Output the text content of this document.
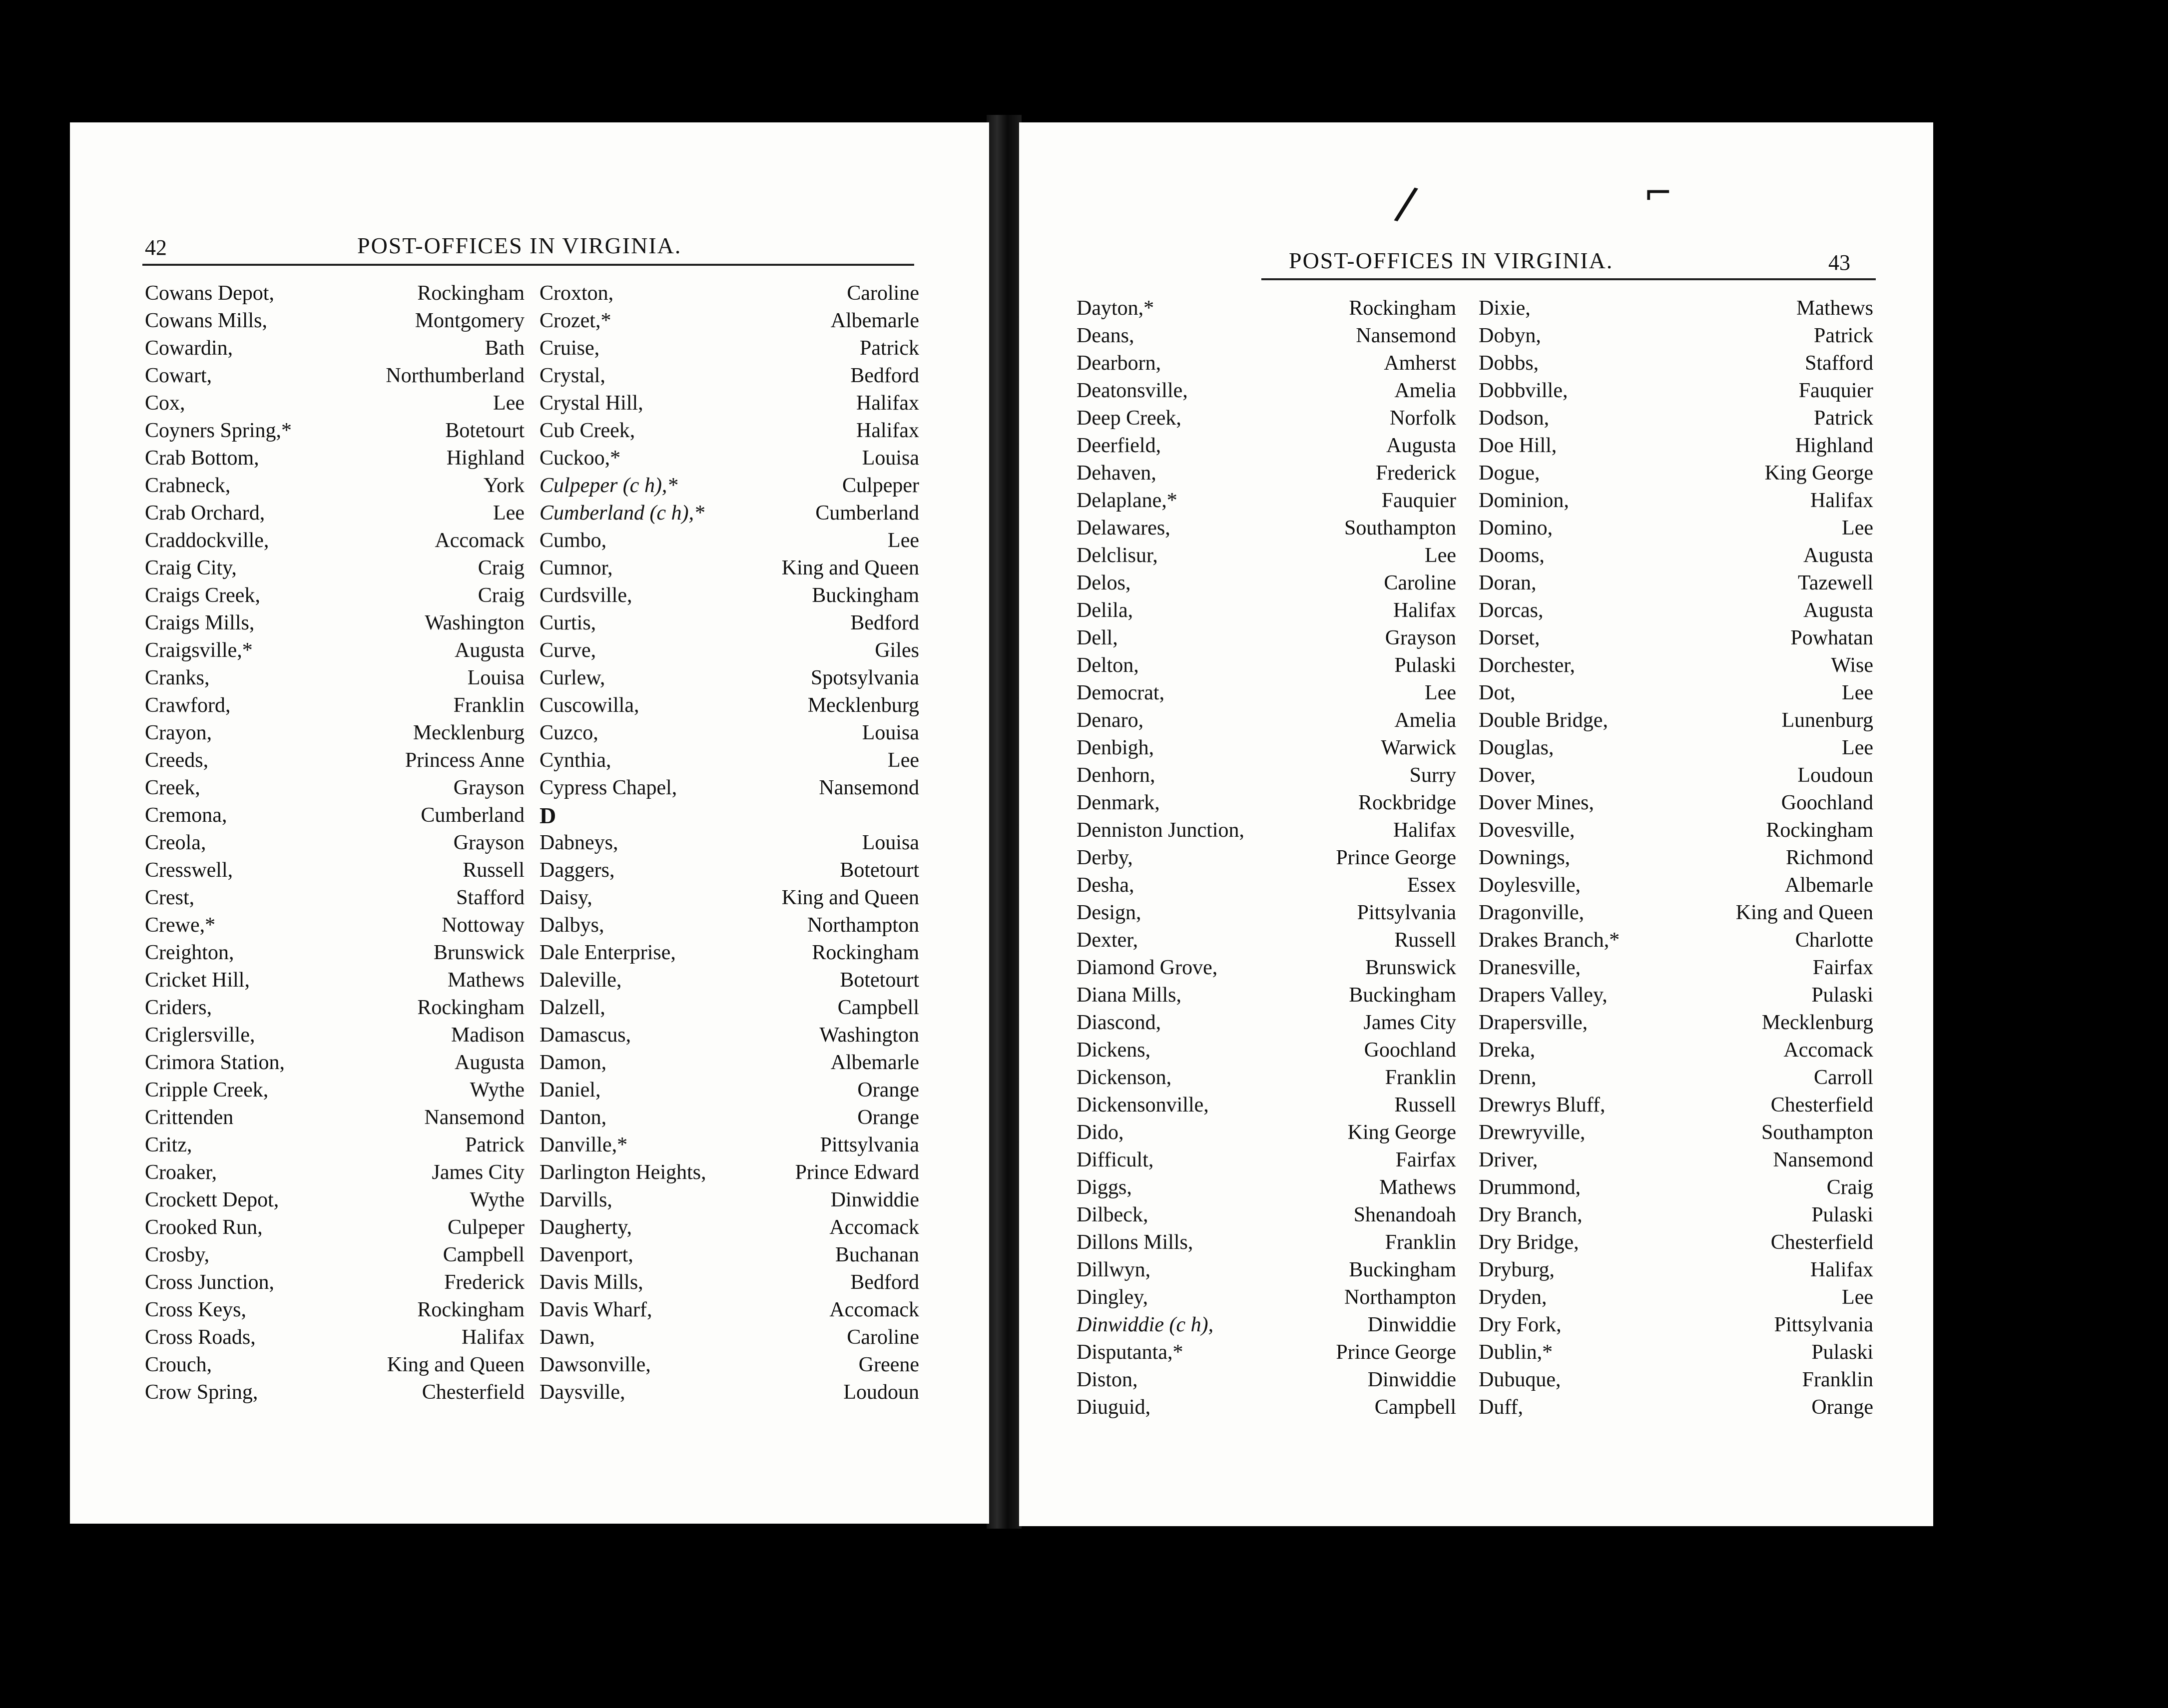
42	POST-OFFICES IN VIRGINIA.
Cowans Depot,	Rockingham
Cowans Mills,	Montgomery
Cowardin,	Bath
Cowart,	Northumberland
Cox,	Lee
Coyners Spring,*	Botetourt
Crab Bottom,	Highland
Crabneck,	York
Crab Orchard,	Lee
Craddockville,	Accomack
Craig City,	Craig
Craigs Creek,	Craig
Craigs Mills,	Washington
Craigsville,*	Augusta
Cranks,	Louisa
Crawford,	Franklin
Crayon,	Mecklenburg
Creeds,	Princess Anne
Creek,	Grayson
Cremona,	Cumberland
Creola,	Grayson
Cresswell,	Russell
Crest,	Stafford
Crewe,*	Nottoway
Creighton,	Brunswick
Cricket Hill,	Mathews
Criders,	Rockingham
Criglersville,	Madison
Crimora Station,	Augusta
Cripple Creek,	Wythe
Crittenden	Nansemond
Critz,	Patrick
Croaker,	James City
Crockett Depot,	Wythe
Crooked Run,	Culpeper
Crosby,	Campbell
Cross Junction,	Frederick
Cross Keys,	Rockingham
Cross Roads,	Halifax
Crouch,	King and Queen
Crow Spring,	Chesterfield
Croxton,	Caroline
Crozet,*	Albemarle
Cruise,	Patrick
Crystal,	Bedford
Crystal Hill,	Halifax
Cub Creek,	Halifax
Cuckoo,*	Louisa
Culpeper (c h),*	Culpeper
Cumberland (c h),*	Cumberland
Cumbo,	Lee
Cumnor,	King and Queen
Curdsville,	Buckingham
Curtis,	Bedford
Curve,	Giles
Curlew,	Spotsylvania
Cuscowilla,	Mecklenburg
Cuzco,	Louisa
Cynthia,	Lee
Cypress Chapel,	Nansemond
D
Dabneys,	Louisa
Daggers,	Botetourt
Daisy,	King and Queen
Dalbys,	Northampton
Dale Enterprise,	Rockingham
Daleville,	Botetourt
Dalzell,	Campbell
Damascus,	Washington
Damon,	Albemarle
Daniel,	Orange
Danton,	Orange
Danville,*	Pittsylvania
Darlington Heights,	Prince Edward
Darvills,	Dinwiddie
Daugherty,	Accomack
Davenport,	Buchanan
Davis Mills,	Bedford
Davis Wharf,	Accomack
Dawn,	Caroline
Dawsonville,	Greene
Daysville,	Loudoun
POST-OFFICES IN VIRGINIA.	43
Dayton,*	Rockingham
Deans,	Nansemond
Dearborn,	Amherst
Deatonsville,	Amelia
Deep Creek,	Norfolk
Deerfield,	Augusta
Dehaven,	Frederick
Delaplane,*	Fauquier
Delawares,	Southampton
Delclisur,	Lee
Delos,	Caroline
Delila,	Halifax
Dell,	Grayson
Delton,	Pulaski
Democrat,	Lee
Denaro,	Amelia
Denbigh,	Warwick
Denhorn,	Surry
Denmark,	Rockbridge
Denniston Junction,	Halifax
Derby,	Prince George
Desha,	Essex
Design,	Pittsylvania
Dexter,	Russell
Diamond Grove,	Brunswick
Diana Mills,	Buckingham
Diascond,	James City
Dickens,	Goochland
Dickenson,	Franklin
Dickensonville,	Russell
Dido,	King George
Difficult,	Fairfax
Diggs,	Mathews
Dilbeck,	Shenandoah
Dillons Mills,	Franklin
Dillwyn,	Buckingham
Dingley,	Northampton
Dinwiddie (c h),	Dinwiddie
Disputanta,*	Prince George
Diston,	Dinwiddie
Diuguid,	Campbell
Dixie,	Mathews
Dobyn,	Patrick
Dobbs,	Stafford
Dobbville,	Fauquier
Dodson,	Patrick
Doe Hill,	Highland
Dogue,	King George
Dominion,	Halifax
Domino,	Lee
Dooms,	Augusta
Doran,	Tazewell
Dorcas,	Augusta
Dorset,	Powhatan
Dorchester,	Wise
Dot,	Lee
Double Bridge,	Lunenburg
Douglas,	Lee
Dover,	Loudoun
Dover Mines,	Goochland
Dovesville,	Rockingham
Downings,	Richmond
Doylesville,	Albemarle
Dragonville,	King and Queen
Drakes Branch,*	Charlotte
Dranesville,	Fairfax
Drapers Valley,	Pulaski
Drapersville,	Mecklenburg
Dreka,	Accomack
Drenn,	Carroll
Drewrys Bluff,	Chesterfield
Drewryville,	Southampton
Driver,	Nansemond
Drummond,	Craig
Dry Branch,	Pulaski
Dry Bridge,	Chesterfield
Dryburg,	Halifax
Dryden,	Lee
Dry Fork,	Pittsylvania
Dublin,*	Pulaski
Dubuque,	Franklin
Duff,	Orange
/	⌐
